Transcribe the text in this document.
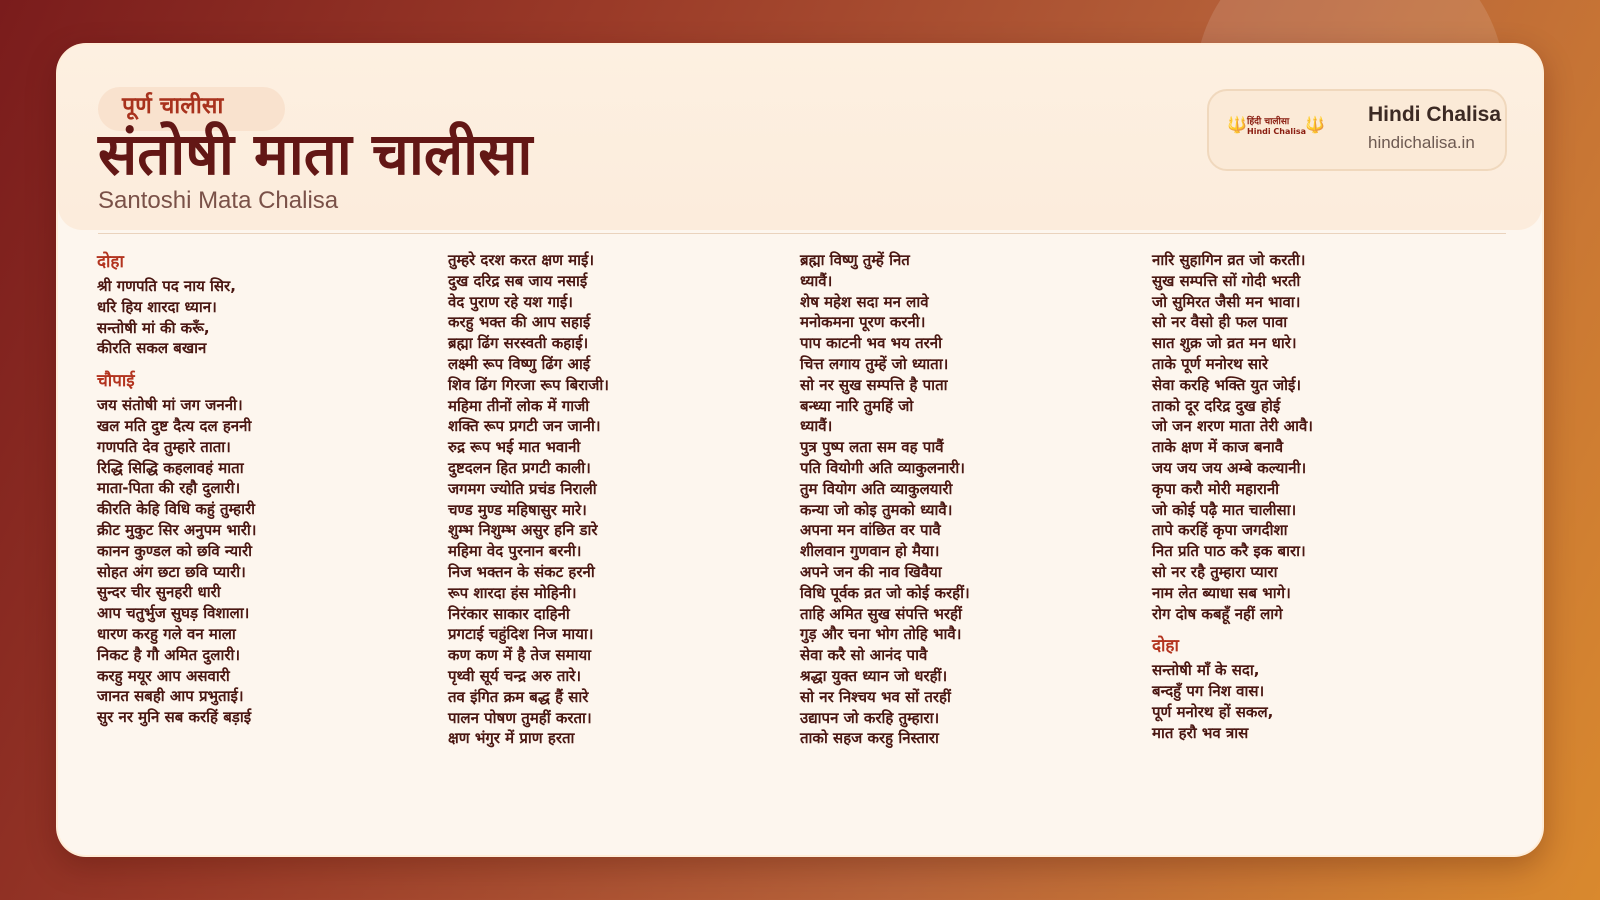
पूर्ण चालीसा
संतोषी माता चालीसा
Santoshi Mata Chalisa
🔱 हिंदी चालीसा
Hindi Chalisa 🔱 Hindi Chalisa
hindichalisa.in
दोहा
श्री गणपति पद नाय सिर,
धरि हिय शारदा ध्यान।
सन्तोषी मां की करूँ,
कीरति सकल बखान
चौपाई
जय संतोषी मां जग जननी।
खल मति दुष्ट दैत्य दल हननी
गणपति देव तुम्हारे ताता।
रिद्धि सिद्धि कहलावहं माता
माता-पिता की रहौ दुलारी।
कीरति केहि विधि कहुं तुम्हारी
क्रीट मुकुट सिर अनुपम भारी।
कानन कुण्डल को छवि न्यारी
सोहत अंग छटा छवि प्यारी।
सुन्दर चीर सुनहरी धारी
आप चतुर्भुज सुघड़ विशाला।
धारण करहु गले वन माला
निकट है गौ अमित दुलारी।
करहु मयूर आप असवारी
जानत सबही आप प्रभुताई।
सुर नर मुनि सब करहिं बड़ाई
तुम्हरे दरश करत क्षण माई।
दुख दरिद्र सब जाय नसाई
वेद पुराण रहे यश गाई।
करहु भक्त की आप सहाई
ब्रह्मा ढिंग सरस्वती कहाई।
लक्ष्मी रूप विष्णु ढिंग आई
शिव ढिंग गिरजा रूप बिराजी।
महिमा तीनों लोक में गाजी
शक्ति रूप प्रगटी जन जानी।
रुद्र रूप भई मात भवानी
दुष्टदलन हित प्रगटी काली।
जगमग ज्योति प्रचंड निराली
चण्ड मुण्ड महिषासुर मारे।
शुम्भ निशुम्भ असुर हनि डारे
महिमा वेद पुरनान बरनी।
निज भक्तन के संकट हरनी
रूप शारदा हंस मोहिनी।
निरंकार साकार दाहिनी
प्रगटाई चहुंदिश निज माया।
कण कण में है तेज समाया
पृथ्वी सूर्य चन्द्र अरु तारे।
तव इंगित क्रम बद्ध हैं सारे
पालन पोषण तुमहीं करता।
क्षण भंगुर में प्राण हरता
ब्रह्मा विष्णु तुम्हें नित
ध्यावैं।
शेष महेश सदा मन लावे
मनोकमना पूरण करनी।
पाप काटनी भव भय तरनी
चित्त लगाय तुम्हें जो ध्याता।
सो नर सुख सम्पत्ति है पाता
बन्ध्या नारि तुमहिं जो
ध्यावैं।
पुत्र पुष्प लता सम वह पावैं
पति वियोगी अति व्याकुलनारी।
तुम वियोग अति व्याकुलयारी
कन्या जो कोइ तुमको ध्यावै।
अपना मन वांछित वर पावै
शीलवान गुणवान हो मैया।
अपने जन की नाव खिवैया
विधि पूर्वक व्रत जो कोई करहीं।
ताहि अमित सुख संपत्ति भरहीं
गुड़ और चना भोग तोहि भावै।
सेवा करै सो आनंद पावै
श्रद्धा युक्त ध्यान जो धरहीं।
सो नर निश्चय भव सों तरहीं
उद्यापन जो करहि तुम्हारा।
ताको सहज करहु निस्तारा
नारि सुहागिन व्रत जो करती।
सुख सम्पत्ति सों गोदी भरती
जो सुमिरत जैसी मन भावा।
सो नर वैसो ही फल पावा
सात शुक्र जो व्रत मन धारे।
ताके पूर्ण मनोरथ सारे
सेवा करहि भक्ति युत जोई।
ताको दूर दरिद्र दुख होई
जो जन शरण माता तेरी आवै।
ताके क्षण में काज बनावै
जय जय जय अम्बे कल्यानी।
कृपा करौ मोरी महारानी
जो कोई पढ़ै मात चालीसा।
तापे करहिं कृपा जगदीशा
नित प्रति पाठ करै इक बारा।
सो नर रहै तुम्हारा प्यारा
नाम लेत ब्याधा सब भागे।
रोग दोष कबहूँ नहीं लागे
दोहा
सन्तोषी माँ के सदा,
बन्दहुँ पग निश वास।
पूर्ण मनोरथ हों सकल,
मात हरौ भव त्रास
